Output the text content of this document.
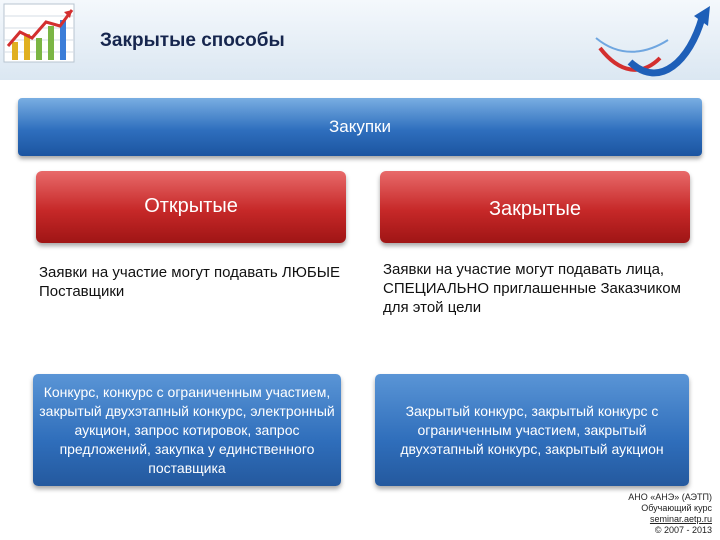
Закрытые способы
Закупки
Открытые	Закрытые
Заявки на участие могут подавать ЛЮБЫЕ Поставщики
Заявки на участие могут подавать лица, СПЕЦИАЛЬНО приглашенные Заказчиком для этой цели
Конкурс, конкурс с ограниченным участием, закрытый двухэтапный конкурс, электронный аукцион, запрос котировок, запрос предложений, закупка у единственного поставщика
Закрытый конкурс, закрытый конкурс с ограниченным участием, закрытый двухэтапный конкурс, закрытый аукцион
АНО «АНЭ» (АЭТП)
Обучающий курс
seminar.aetp.ru
© 2007 - 2013
